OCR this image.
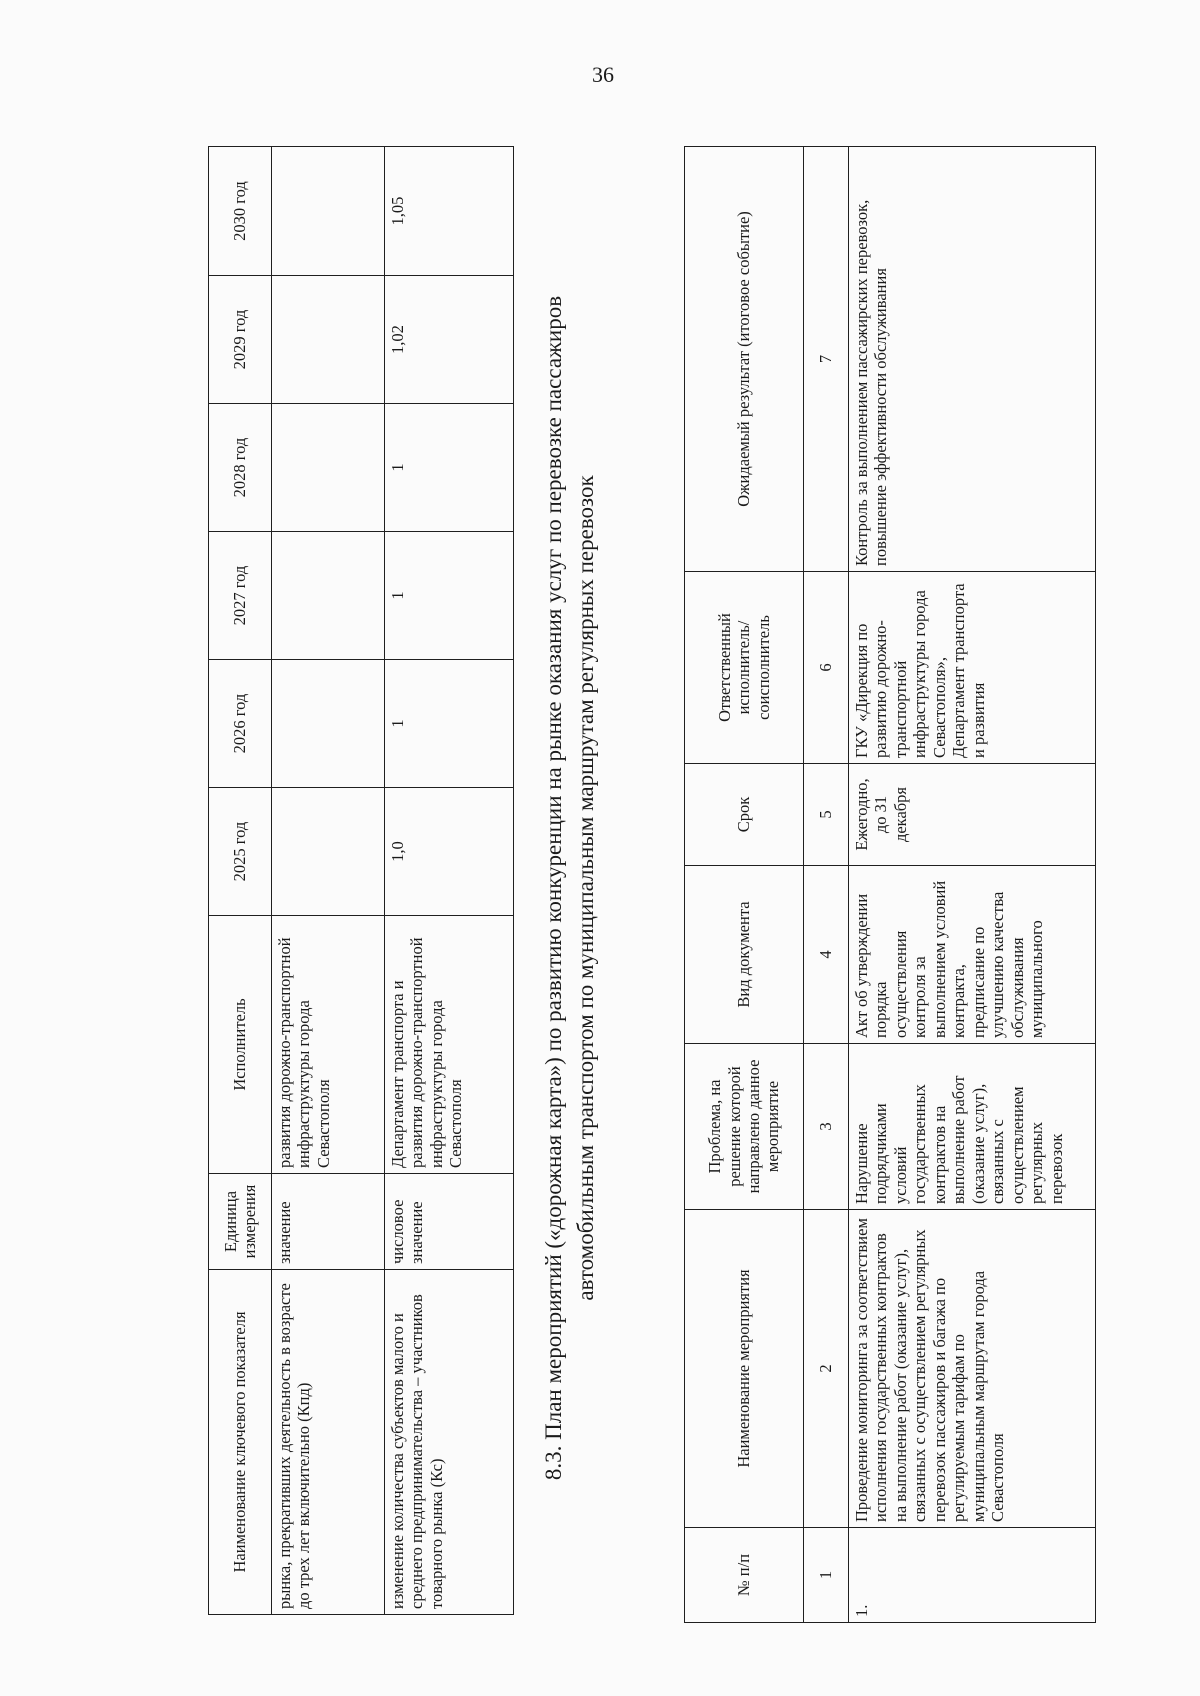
36
Наименование ключевого показателя	Единица измерения	Исполнитель	2025 год	2026 год	2027 год	2028 год	2029 год	2030 год
рынка, прекративших деятельность в возрасте до трех лет включительно (Кпд)	значение	развития дорожно-транспортной инфраструктуры города Севастополя						
изменение количества субъектов малого и среднего предпринимательства – участников товарного рынка (Кс)	числовое значение	Департамент транспорта и развития дорожно-транспортной инфраструктуры города Севастополя	1,0	1	1	1	1,02	1,05
8.3. План мероприятий («дорожная карта») по развитию конкуренции на рынке оказания услуг по перевозке пассажиров автомобильным транспортом по муниципальным маршрутам регулярных перевозок
№ п/п	Наименование мероприятия	Проблема, на решение которой направлено данное мероприятие	Вид документа	Срок	Ответственный исполнитель/ соисполнитель	Ожидаемый результат (итоговое событие)
1	2	3	4	5	6	7
1.	Проведение мониторинга за соответствием исполнения государственных контрактов на выполнение работ (оказание услуг), связанных с осуществлением регулярных перевозок пассажиров и багажа по регулируемым тарифам по муниципальным маршрутам города Севастополя	Нарушение подрядчиками условий государственных контрактов на выполнение работ (оказание услуг), связанных с осуществлением регулярных перевозок	Акт об утверждении порядка осуществления контроля за выполнением условий контракта, предписание по улучшению качества обслуживания муниципального	Ежегодно, до 31 декабря	ГКУ «Дирекция по развитию дорожно-транспортной инфраструктуры города Севастополя», Департамент транспорта и развития	Контроль за выполнением пассажирских перевозок, повышение эффективности обслуживания
